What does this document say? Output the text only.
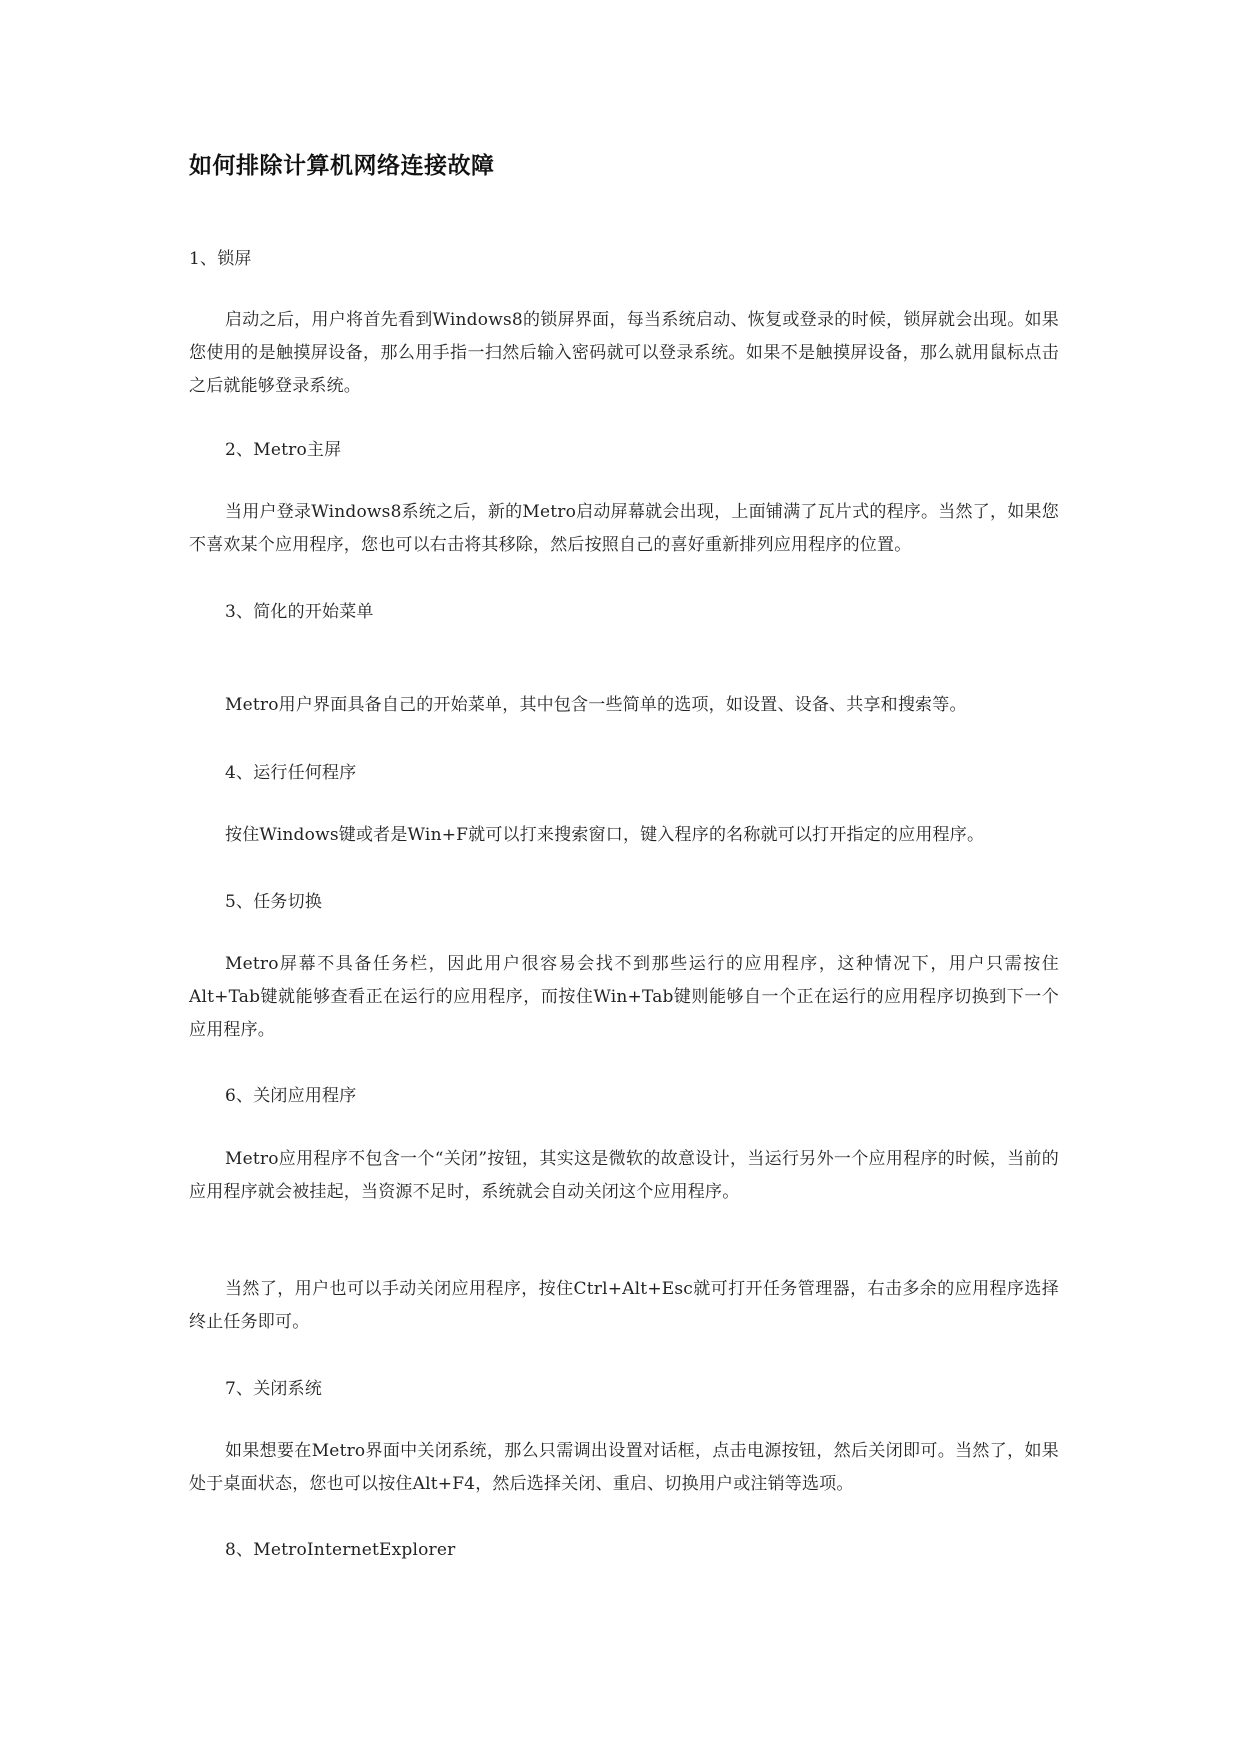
如何排除计算机网络连接故障
1、锁屏
启动之后，用户将首先看到Windows8的锁屏界面，每当系统启动、恢复或登录的时候，锁屏就会出现。如果您使用的是触摸屏设备，那么用手指一扫然后输入密码就可以登录系统。如果不是触摸屏设备，那么就用鼠标点击之后就能够登录系统。
2、Metro主屏
当用户登录Windows8系统之后，新的Metro启动屏幕就会出现，上面铺满了瓦片式的程序。当然了，如果您不喜欢某个应用程序，您也可以右击将其移除，然后按照自己的喜好重新排列应用程序的位置。
3、简化的开始菜单
Metro用户界面具备自己的开始菜单，其中包含一些简单的选项，如设置、设备、共享和搜索等。
4、运行任何程序
按住Windows键或者是Win+F就可以打来搜索窗口，键入程序的名称就可以打开指定的应用程序。
5、任务切换
Metro屏幕不具备任务栏，因此用户很容易会找不到那些运行的应用程序，这种情况下，用户只需按住Alt+Tab键就能够查看正在运行的应用程序，而按住Win+Tab键则能够自一个正在运行的应用程序切换到下一个应用程序。
6、关闭应用程序
Metro应用程序不包含一个“关闭”按钮，其实这是微软的故意设计，当运行另外一个应用程序的时候，当前的应用程序就会被挂起，当资源不足时，系统就会自动关闭这个应用程序。
当然了，用户也可以手动关闭应用程序，按住Ctrl+Alt+Esc就可打开任务管理器，右击多余的应用程序选择终止任务即可。
7、关闭系统
如果想要在Metro界面中关闭系统，那么只需调出设置对话框，点击电源按钮，然后关闭即可。当然了，如果处于桌面状态，您也可以按住Alt+F4，然后选择关闭、重启、切换用户或注销等选项。
8、MetroInternetExplorer
